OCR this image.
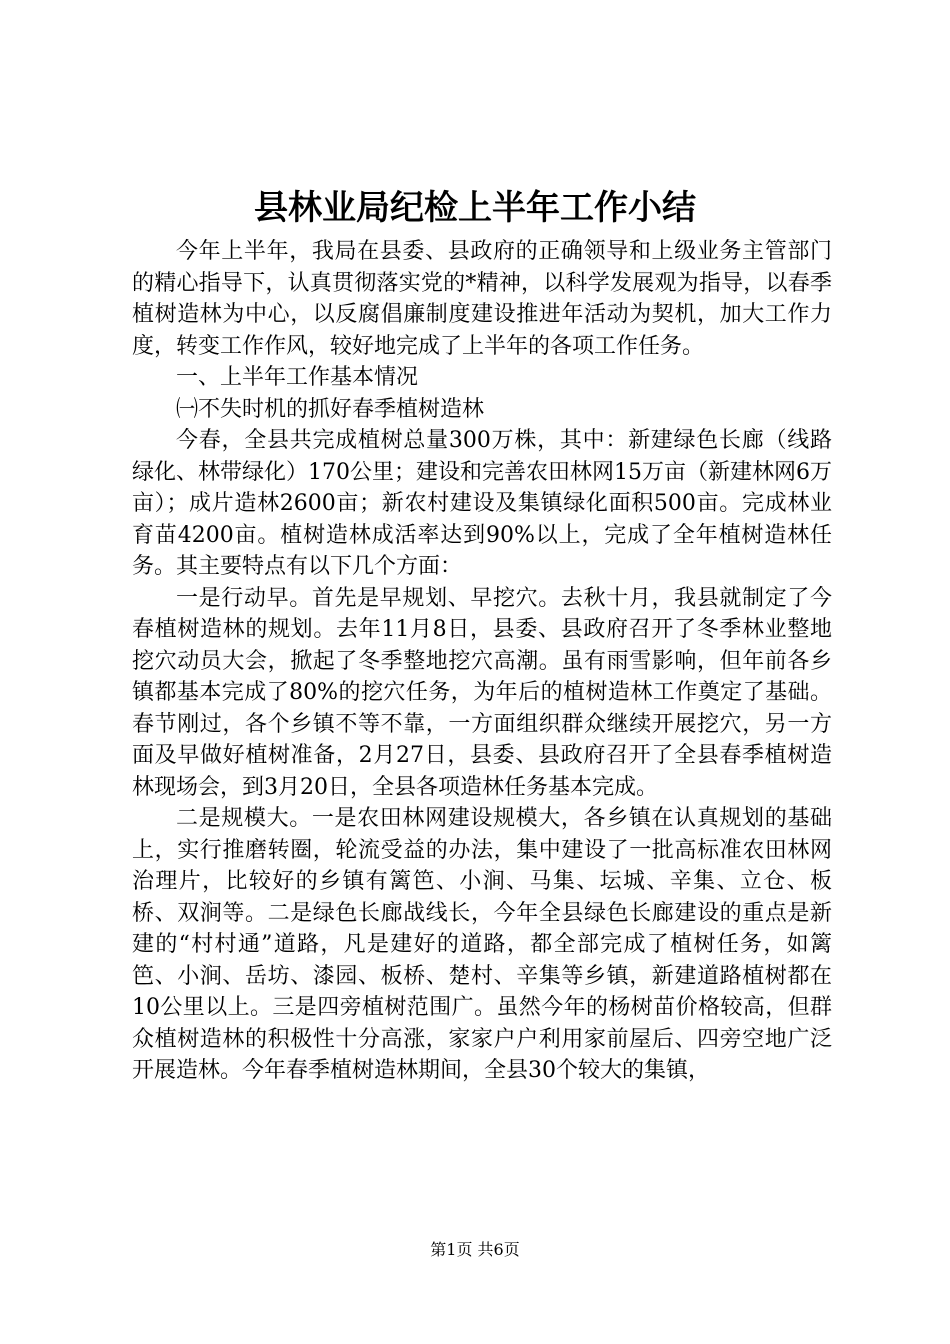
县林业局纪检上半年工作小结

今年上半年，我局在县委、县政府的正确领导和上级业务主管部门的精心指导下，认真贯彻落实党的*精神，以科学发展观为指导，以春季植树造林为中心，以反腐倡廉制度建设推进年活动为契机，加大工作力度，转变工作作风，较好地完成了上半年的各项工作任务。

一、上半年工作基本情况

㈠不失时机的抓好春季植树造林

今春，全县共完成植树总量300万株，其中：新建绿色长廊（线路绿化、林带绿化）170公里；建设和完善农田林网15万亩（新建林网6万亩）；成片造林2600亩；新农村建设及集镇绿化面积500亩。完成林业育苗4200亩。植树造林成活率达到90%以上，完成了全年植树造林任务。其主要特点有以下几个方面：

一是行动早。首先是早规划、早挖穴。去秋十月，我县就制定了今春植树造林的规划。去年11月8日，县委、县政府召开了冬季林业整地挖穴动员大会，掀起了冬季整地挖穴高潮。虽有雨雪影响，但年前各乡镇都基本完成了80%的挖穴任务，为年后的植树造林工作奠定了基础。春节刚过，各个乡镇不等不靠，一方面组织群众继续开展挖穴，另一方面及早做好植树准备，2月27日，县委、县政府召开了全县春季植树造林现场会，到3月20日，全县各项造林任务基本完成。

二是规模大。一是农田林网建设规模大，各乡镇在认真规划的基础上，实行推磨转圈，轮流受益的办法，集中建设了一批高标准农田林网治理片，比较好的乡镇有篱笆、小涧、马集、坛城、辛集、立仓、板桥、双涧等。二是绿色长廊战线长，今年全县绿色长廊建设的重点是新建的“村村通”道路，凡是建好的道路，都全部完成了植树任务，如篱笆、小涧、岳坊、漆园、板桥、楚村、辛集等乡镇，新建道路植树都在10公里以上。三是四旁植树范围广。虽然今年的杨树苗价格较高，但群众植树造林的积极性十分高涨，家家户户利用家前屋后、四旁空地广泛开展造林。今年春季植树造林期间，全县30个较大的集镇，

第1页 共6页
